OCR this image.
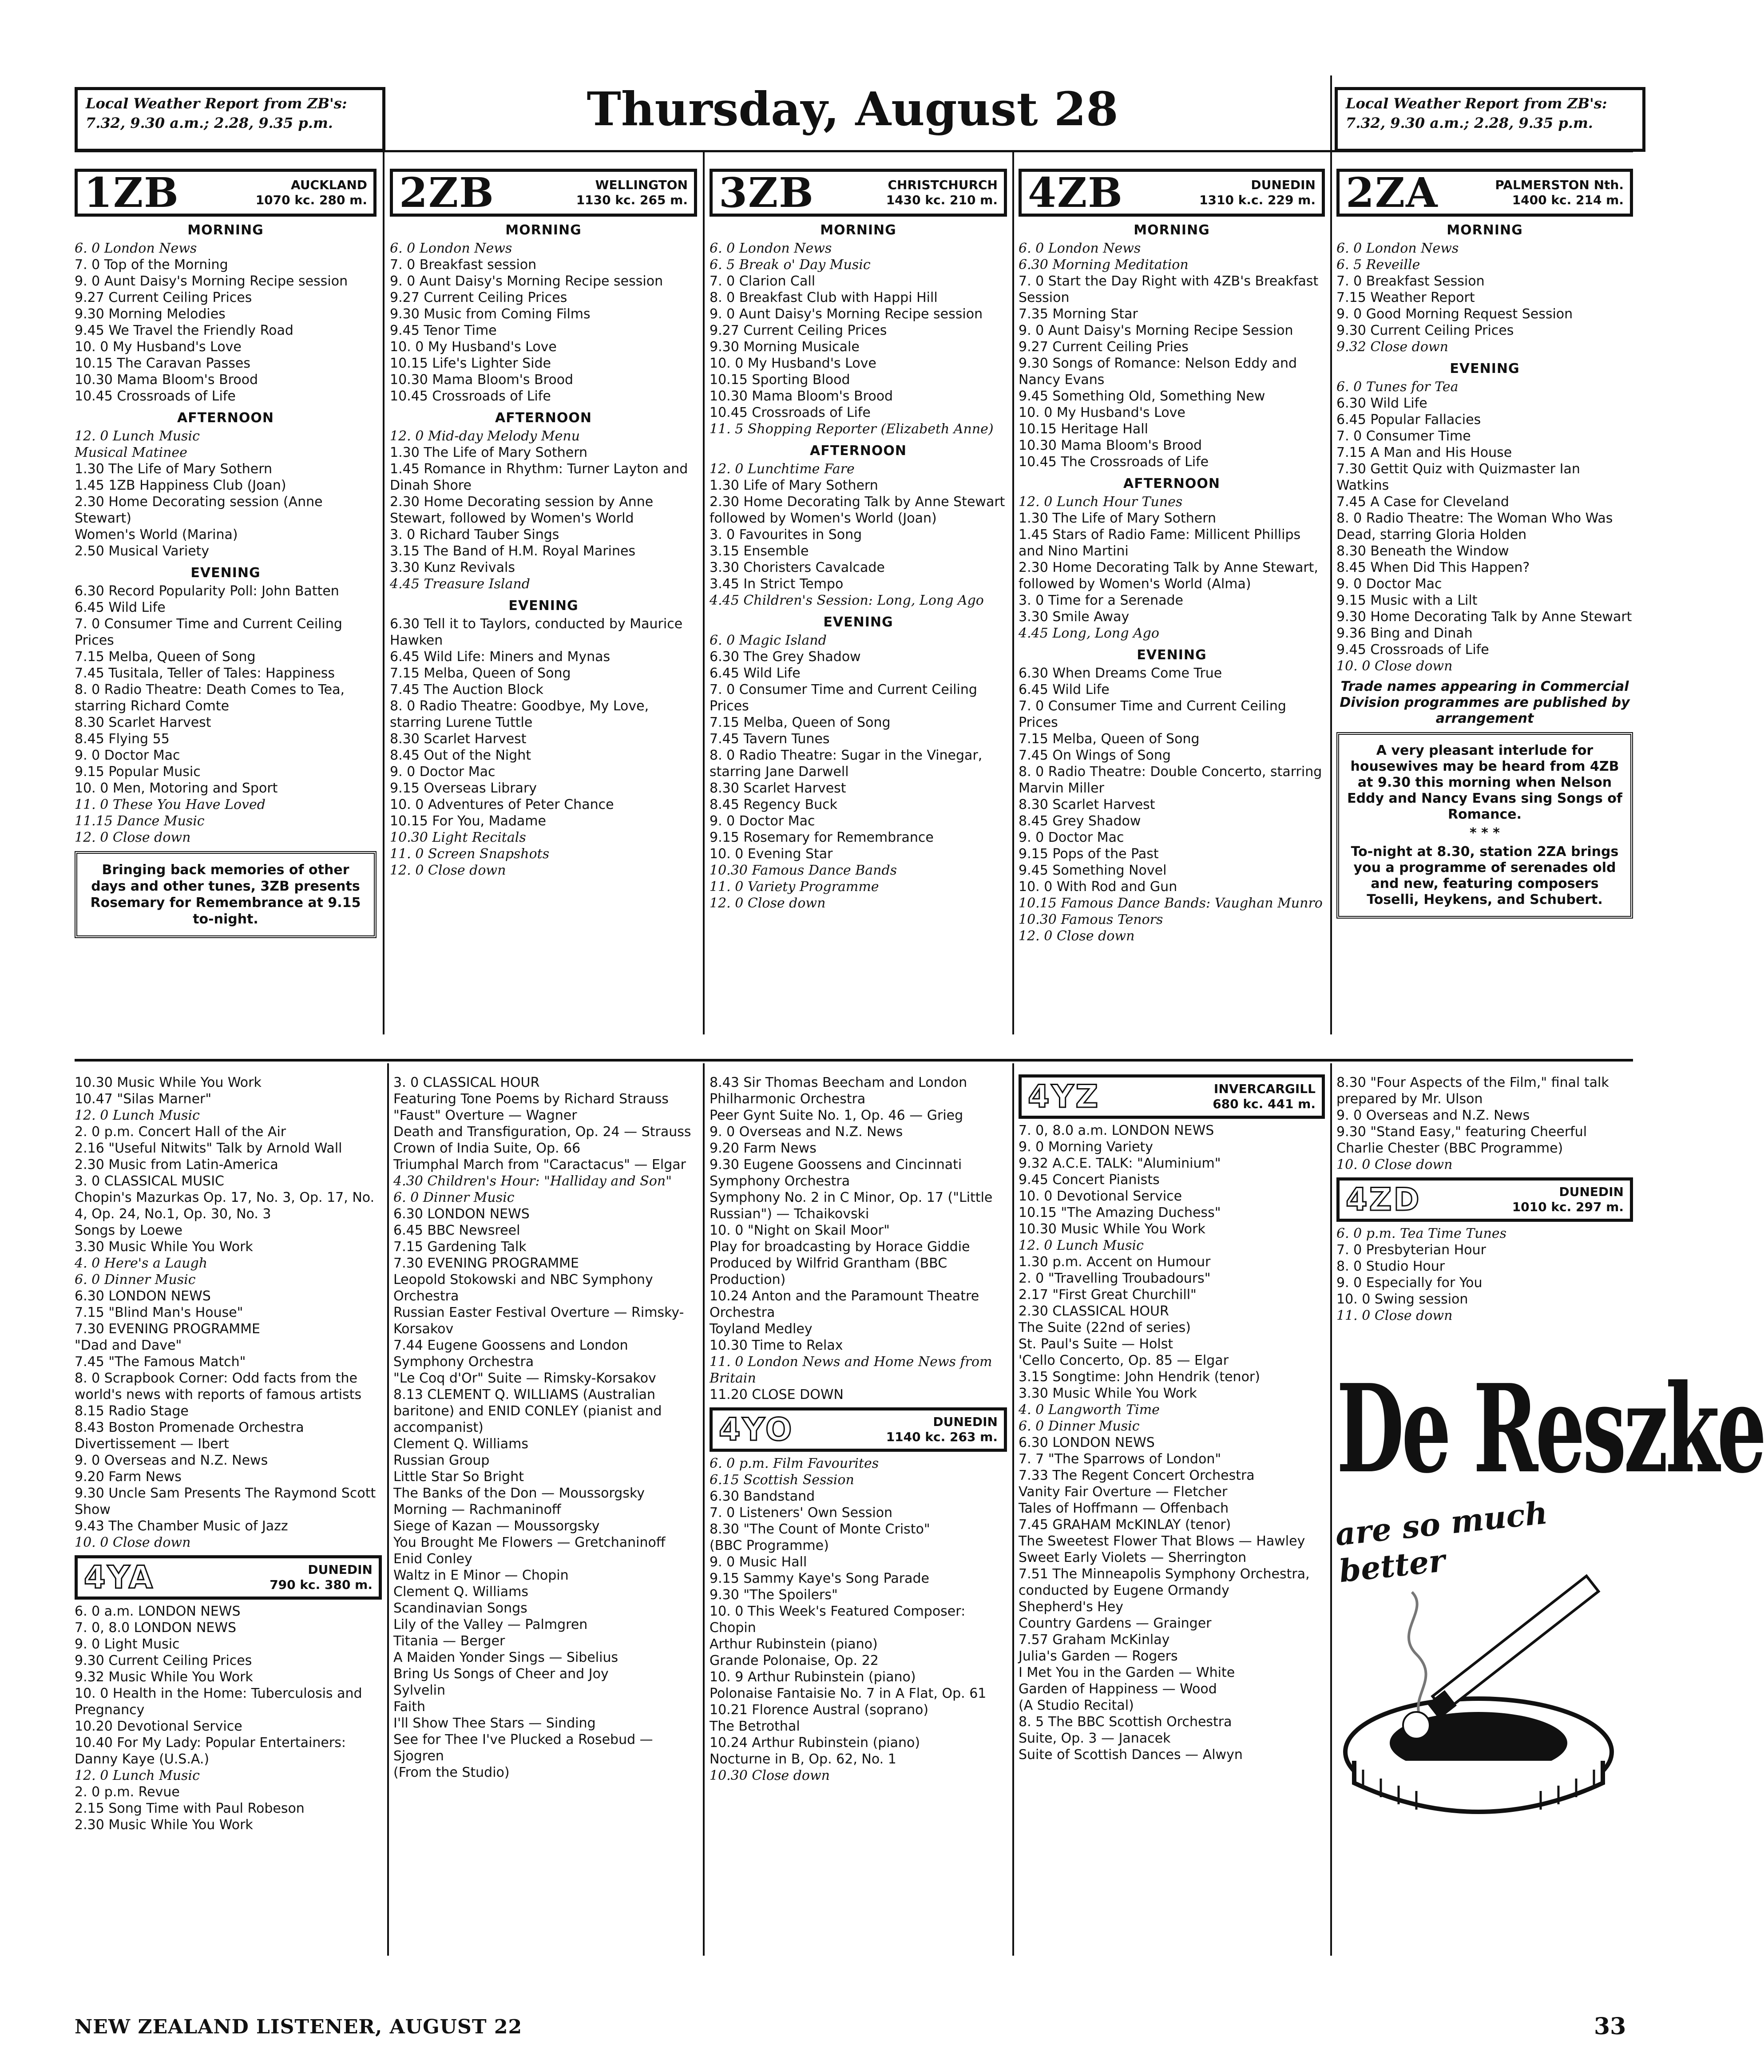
Local Weather Report from ZB's:
7.32, 9.30 a.m.; 2.28, 9.35 p.m.	Thursday, August 28	Local Weather Report from ZB's:
7.32, 9.30 a.m.; 2.28, 9.35 p.m.
1ZB	AUCKLAND
1070 kc. 280 m.
MORNING
6. 0 London News
7. 0 Top of the Morning
9. 0 Aunt Daisy's Morning Recipe session
9.27 Current Ceiling Prices
9.30 Morning Melodies
9.45 We Travel the Friendly Road
10. 0 My Husband's Love
10.15 The Caravan Passes
10.30 Mama Bloom's Brood
10.45 Crossroads of Life
AFTERNOON
12. 0 Lunch Music
Musical Matinee
1.30 The Life of Mary Sothern
1.45 1ZB Happiness Club (Joan)
2.30 Home Decorating session (Anne Stewart)
Women's World (Marina)
2.50 Musical Variety
EVENING
6.30 Record Popularity Poll: John Batten
6.45 Wild Life
7. 0 Consumer Time and Current Ceiling Prices
7.15 Melba, Queen of Song
7.45 Tusitala, Teller of Tales: Happiness
8. 0 Radio Theatre: Death Comes to Tea, starring Richard Comte
8.30 Scarlet Harvest
8.45 Flying 55
9. 0 Doctor Mac
9.15 Popular Music
10. 0 Men, Motoring and Sport
11. 0 These You Have Loved
11.15 Dance Music
12. 0 Close down
Bringing back memories of other days and other tunes, 3ZB presents Rosemary for Remembrance at 9.15 to-night.
2ZB	WELLINGTON
1130 kc. 265 m.
MORNING
6. 0 London News
7. 0 Breakfast session
9. 0 Aunt Daisy's Morning Recipe session
9.27 Current Ceiling Prices
9.30 Music from Coming Films
9.45 Tenor Time
10. 0 My Husband's Love
10.15 Life's Lighter Side
10.30 Mama Bloom's Brood
10.45 Crossroads of Life
AFTERNOON
12. 0 Mid-day Melody Menu
1.30 The Life of Mary Sothern
1.45 Romance in Rhythm: Turner Layton and Dinah Shore
2.30 Home Decorating session by Anne Stewart, followed by Women's World
3. 0 Richard Tauber Sings
3.15 The Band of H.M. Royal Marines
3.30 Kunz Revivals
4.45 Treasure Island
EVENING
6.30 Tell it to Taylors, conducted by Maurice Hawken
6.45 Wild Life: Miners and Mynas
7.15 Melba, Queen of Song
7.45 The Auction Block
8. 0 Radio Theatre: Goodbye, My Love, starring Lurene Tuttle
8.30 Scarlet Harvest
8.45 Out of the Night
9. 0 Doctor Mac
9.15 Overseas Library
10. 0 Adventures of Peter Chance
10.15 For You, Madame
10.30 Light Recitals
11. 0 Screen Snapshots
12. 0 Close down
3ZB	CHRISTCHURCH
1430 kc. 210 m.
MORNING
6. 0 London News
6. 5 Break o' Day Music
7. 0 Clarion Call
8. 0 Breakfast Club with Happi Hill
9. 0 Aunt Daisy's Morning Recipe session
9.27 Current Ceiling Prices
9.30 Morning Musicale
10. 0 My Husband's Love
10.15 Sporting Blood
10.30 Mama Bloom's Brood
10.45 Crossroads of Life
11. 5 Shopping Reporter (Elizabeth Anne)
AFTERNOON
12. 0 Lunchtime Fare
1.30 Life of Mary Sothern
2.30 Home Decorating Talk by Anne Stewart followed by Women's World (Joan)
3. 0 Favourites in Song
3.15 Ensemble
3.30 Choristers Cavalcade
3.45 In Strict Tempo
4.45 Children's Session: Long, Long Ago
EVENING
6. 0 Magic Island
6.30 The Grey Shadow
6.45 Wild Life
7. 0 Consumer Time and Current Ceiling Prices
7.15 Melba, Queen of Song
7.45 Tavern Tunes
8. 0 Radio Theatre: Sugar in the Vinegar, starring Jane Darwell
8.30 Scarlet Harvest
8.45 Regency Buck
9. 0 Doctor Mac
9.15 Rosemary for Remembrance
10. 0 Evening Star
10.30 Famous Dance Bands
11. 0 Variety Programme
12. 0 Close down
4ZB	DUNEDIN
1310 k.c. 229 m.
MORNING
6. 0 London News
6.30 Morning Meditation
7. 0 Start the Day Right with 4ZB's Breakfast Session
7.35 Morning Star
9. 0 Aunt Daisy's Morning Recipe Session
9.27 Current Ceiling Pries
9.30 Songs of Romance: Nelson Eddy and Nancy Evans
9.45 Something Old, Something New
10. 0 My Husband's Love
10.15 Heritage Hall
10.30 Mama Bloom's Brood
10.45 The Crossroads of Life
AFTERNOON
12. 0 Lunch Hour Tunes
1.30 The Life of Mary Sothern
1.45 Stars of Radio Fame: Millicent Phillips and Nino Martini
2.30 Home Decorating Talk by Anne Stewart, followed by Women's World (Alma)
3. 0 Time for a Serenade
3.30 Smile Away
4.45 Long, Long Ago
EVENING
6.30 When Dreams Come True
6.45 Wild Life
7. 0 Consumer Time and Current Ceiling Prices
7.15 Melba, Queen of Song
7.45 On Wings of Song
8. 0 Radio Theatre: Double Concerto, starring Marvin Miller
8.30 Scarlet Harvest
8.45 Grey Shadow
9. 0 Doctor Mac
9.15 Pops of the Past
9.45 Something Novel
10. 0 With Rod and Gun
10.15 Famous Dance Bands: Vaughan Munro
10.30 Famous Tenors
12. 0 Close down
2ZA	PALMERSTON Nth.
1400 kc. 214 m.
MORNING
6. 0 London News
6. 5 Reveille
7. 0 Breakfast Session
7.15 Weather Report
9. 0 Good Morning Request Session
9.30 Current Ceiling Prices
9.32 Close down
EVENING
6. 0 Tunes for Tea
6.30 Wild Life
6.45 Popular Fallacies
7. 0 Consumer Time
7.15 A Man and His House
7.30 Gettit Quiz with Quizmaster Ian Watkins
7.45 A Case for Cleveland
8. 0 Radio Theatre: The Woman Who Was Dead, starring Gloria Holden
8.30 Beneath the Window
8.45 When Did This Happen?
9. 0 Doctor Mac
9.15 Music with a Lilt
9.30 Home Decorating Talk by Anne Stewart
9.36 Bing and Dinah
9.45 Crossroads of Life
10. 0 Close down
Trade names appearing in Commercial Division programmes are published by arrangement
A very pleasant interlude for housewives may be heard from 4ZB at 9.30 this morning when Nelson Eddy and Nancy Evans sing Songs of Romance.
* * *
To-night at 8.30, station 2ZA brings you a programme of serenades old and new, featuring composers Toselli, Heykens, and Schubert.
10.30 Music While You Work
10.47 "Silas Marner"
12. 0 Lunch Music
2. 0 p.m. Concert Hall of the Air
2.16 "Useful Nitwits" Talk by Arnold Wall
2.30 Music from Latin-America
3. 0 CLASSICAL MUSIC
Chopin's Mazurkas Op. 17, No. 3, Op. 17, No. 4, Op. 24, No.1, Op. 30, No. 3
Songs by Loewe
3.30 Music While You Work
4. 0 Here's a Laugh
6. 0 Dinner Music
6.30 LONDON NEWS
7.15 "Blind Man's House"
7.30 EVENING PROGRAMME
"Dad and Dave"
7.45 "The Famous Match"
8. 0 Scrapbook Corner: Odd facts from the world's news with reports of famous artists
8.15 Radio Stage
8.43 Boston Promenade Orchestra
Divertissement — Ibert
9. 0 Overseas and N.Z. News
9.20 Farm News
9.30 Uncle Sam Presents The Raymond Scott Show
9.43 The Chamber Music of Jazz
10. 0 Close down
4YA	DUNEDIN
790 kc. 380 m.
6. 0 a.m. LONDON NEWS
7. 0, 8.0 LONDON NEWS
9. 0 Light Music
9.30 Current Ceiling Prices
9.32 Music While You Work
10. 0 Health in the Home: Tuberculosis and Pregnancy
10.20 Devotional Service
10.40 For My Lady: Popular Entertainers: Danny Kaye (U.S.A.)
12. 0 Lunch Music
2. 0 p.m. Revue
2.15 Song Time with Paul Robeson
2.30 Music While You Work
3. 0 CLASSICAL HOUR
Featuring Tone Poems by Richard Strauss
"Faust" Overture — Wagner
Death and Transfiguration, Op. 24 — Strauss
Crown of India Suite, Op. 66
Triumphal March from "Caractacus" — Elgar
4.30 Children's Hour: "Halliday and Son"
6. 0 Dinner Music
6.30 LONDON NEWS
6.45 BBC Newsreel
7.15 Gardening Talk
7.30 EVENING PROGRAMME
Leopold Stokowski and NBC Symphony Orchestra
Russian Easter Festival Overture — Rimsky-Korsakov
7.44 Eugene Goossens and London Symphony Orchestra
"Le Coq d'Or" Suite — Rimsky-Korsakov
8.13 CLEMENT Q. WILLIAMS (Australian baritone) and ENID CONLEY (pianist and accompanist)
Clement Q. Williams
Russian Group
Little Star So Bright
The Banks of the Don — Moussorgsky
Morning — Rachmaninoff
Siege of Kazan — Moussorgsky
You Brought Me Flowers — Gretchaninoff
Enid Conley
Waltz in E Minor — Chopin
Clement Q. Williams
Scandinavian Songs
Lily of the Valley — Palmgren
Titania — Berger
A Maiden Yonder Sings — Sibelius
Bring Us Songs of Cheer and Joy
Sylvelin
Faith
I'll Show Thee Stars — Sinding
See for Thee I've Plucked a Rosebud — Sjogren
(From the Studio)
8.43 Sir Thomas Beecham and London Philharmonic Orchestra
Peer Gynt Suite No. 1, Op. 46 — Grieg
9. 0 Overseas and N.Z. News
9.20 Farm News
9.30 Eugene Goossens and Cincinnati Symphony Orchestra
Symphony No. 2 in C Minor, Op. 17 ("Little Russian") — Tchaikovski
10. 0 "Night on Skail Moor"
Play for broadcasting by Horace Giddie
Produced by Wilfrid Grantham (BBC Production)
10.24 Anton and the Paramount Theatre Orchestra
Toyland Medley
10.30 Time to Relax
11. 0 London News and Home News from Britain
11.20 CLOSE DOWN
4YO	DUNEDIN
1140 kc. 263 m.
6. 0 p.m. Film Favourites
6.15 Scottish Session
6.30 Bandstand
7. 0 Listeners' Own Session
8.30 "The Count of Monte Cristo"
(BBC Programme)
9. 0 Music Hall
9.15 Sammy Kaye's Song Parade
9.30 "The Spoilers"
10. 0 This Week's Featured Composer: Chopin
Arthur Rubinstein (piano)
Grande Polonaise, Op. 22
10. 9 Arthur Rubinstein (piano)
Polonaise Fantaisie No. 7 in A Flat, Op. 61
10.21 Florence Austral (soprano)
The Betrothal
10.24 Arthur Rubinstein (piano)
Nocturne in B, Op. 62, No. 1
10.30 Close down
4YZ	INVERCARGILL
680 kc. 441 m.
7. 0, 8.0 a.m. LONDON NEWS
9. 0 Morning Variety
9.32 A.C.E. TALK: "Aluminium"
9.45 Concert Pianists
10. 0 Devotional Service
10.15 "The Amazing Duchess"
10.30 Music While You Work
12. 0 Lunch Music
1.30 p.m. Accent on Humour
2. 0 "Travelling Troubadours"
2.17 "First Great Churchill"
2.30 CLASSICAL HOUR
The Suite (22nd of series)
St. Paul's Suite — Holst
'Cello Concerto, Op. 85 — Elgar
3.15 Songtime: John Hendrik (tenor)
3.30 Music While You Work
4. 0 Langworth Time
6. 0 Dinner Music
6.30 LONDON NEWS
7. 7 "The Sparrows of London"
7.33 The Regent Concert Orchestra
Vanity Fair Overture — Fletcher
Tales of Hoffmann — Offenbach
7.45 GRAHAM McKINLAY (tenor)
The Sweetest Flower That Blows — Hawley
Sweet Early Violets — Sherrington
7.51 The Minneapolis Symphony Orchestra, conducted by Eugene Ormandy
Shepherd's Hey
Country Gardens — Grainger
7.57 Graham McKinlay
Julia's Garden — Rogers
I Met You in the Garden — White
Garden of Happiness — Wood
(A Studio Recital)
8. 5 The BBC Scottish Orchestra
Suite, Op. 3 — Janacek
Suite of Scottish Dances — Alwyn
8.30 "Four Aspects of the Film," final talk prepared by Mr. Ulson
9. 0 Overseas and N.Z. News
9.30 "Stand Easy," featuring Cheerful Charlie Chester (BBC Programme)
10. 0 Close down
4ZD	DUNEDIN
1010 kc. 297 m.
6. 0 p.m. Tea Time Tunes
7. 0 Presbyterian Hour
8. 0 Studio Hour
9. 0 Especially for You
10. 0 Swing session
11. 0 Close down
De Reszke
are so much better
NEW ZEALAND LISTENER, AUGUST 22	33
